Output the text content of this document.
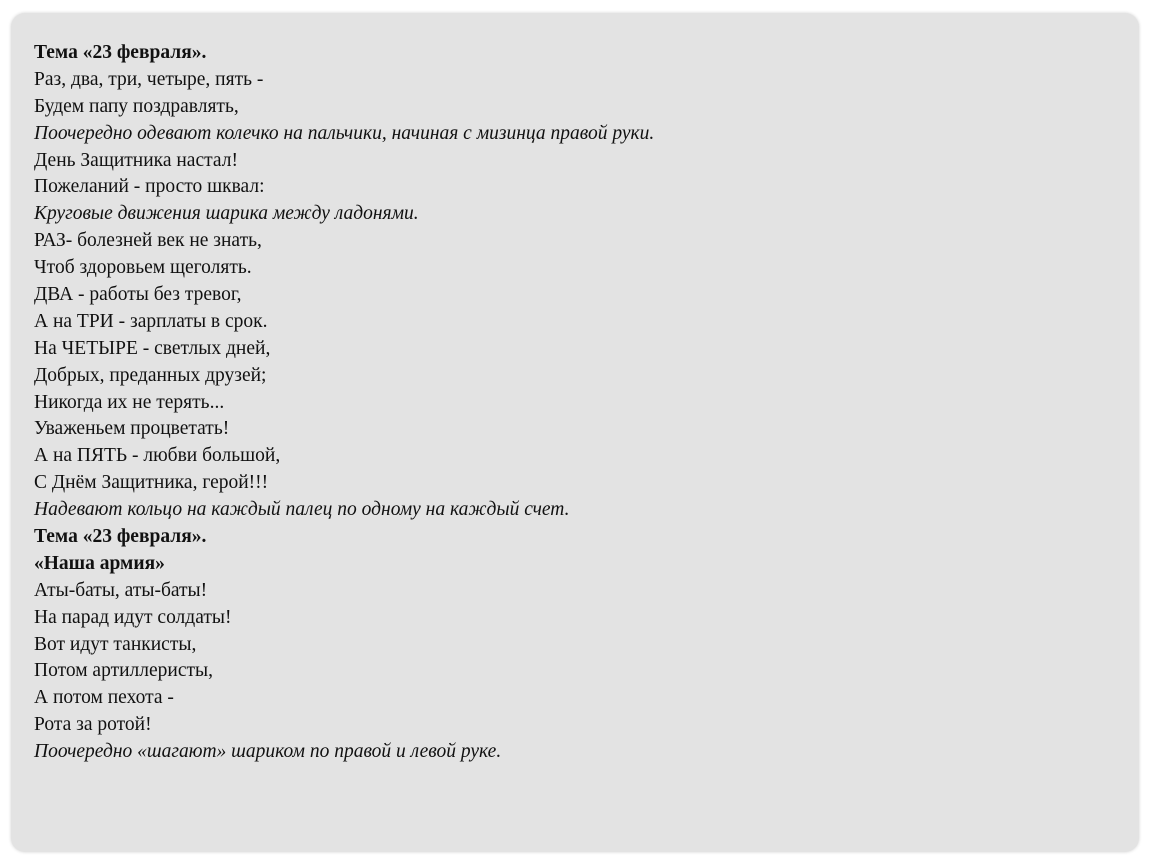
Тема «23 февраля».
Раз, два, три, четыре, пять -
Будем папу поздравлять,
Поочередно одевают колечко на пальчики, начиная с мизинца правой руки.
День Защитника настал!
Пожеланий - просто шквал:
Круговые движения шарика между ладонями.
РАЗ- болезней век не знать,
Чтоб здоровьем щеголять.
ДВА - работы без тревог,
А на ТРИ - зарплаты в срок.
На ЧЕТЫРЕ - светлых дней,
Добрых, преданных друзей;
Никогда их не терять...
Уваженьем процветать!
А на ПЯТЬ - любви большой,
С Днём Защитника, герой!!!
Надевают кольцо на каждый палец по одному на каждый счет.
Тема «23 февраля».
«Наша армия»
Аты-баты, аты-баты!
На парад идут солдаты!
Вот идут танкисты,
Потом артиллеристы,
А потом пехота -
Рота за ротой!
Поочередно «шагают» шариком по правой и левой руке.
